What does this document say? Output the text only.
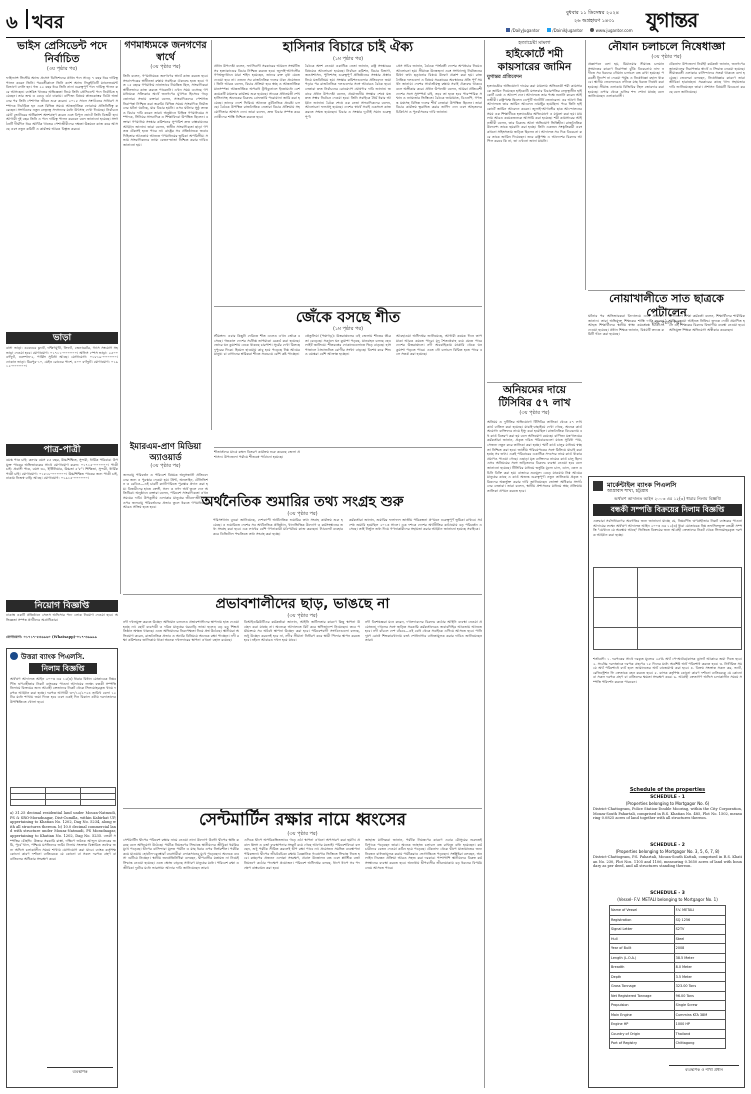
৬ খবর	বুধবার ১১ ডিসেম্বর ২০২৪
২৬ অগ্রহায়ণ ১৪৩১ যুগান্তর
/DailyJugantor	/DainikJugantor	www.jugantor.com
ভাইস প্রেসিডেন্ট পদে নির্বাচিত
(৩য় পৃষ্ঠার পর)
ফাইন্যান্স সিস্টেম অ্যান্ড প্রসেস ডিভিশনের প্রধান পদে সাড়ে ৭ বছর ধরে দায়িত্ব পালন করেন তিনি। পরবর্তীকালে তিনি ক্যাশ অ্যান্ড লিকুইডিটি ম্যানেজমেন্ট বিভাগে বদলি হন। গত ২২ বছর ধরে তিনি নানা গুরুত্বপূর্ণ পদে দায়িত্ব পালন করে আসছেন। ব্যাংকিং খাতের অভিজ্ঞতা নিয়ে তিনি প্রেসিডেন্ট পদে নির্বাচিত হয়েছেন। তার জন্ম ও বেড়ে ওঠা ঢাকায়। বাণিজ্য বিষয়ে স্নাতকোত্তর ডিগ্রি অর্জনের পর তিনি পেশাগত জীবন শুরু করেন। ২০১৫ সালে সংগঠনের সাধারণ সম্পাদক নির্বাচিত হন এবং বিভিন্ন সময়ে আন্তর্জাতিক ফোরামে প্রতিনিধিত্ব করেছেন। সংগঠনের নতুন নেতৃত্বে সদস্যদের মধ্যে উৎসাহ দেখা দিয়েছে। নির্বাচনে মোট ভোটারের অধিকাংশ অংশগ্রহণ করেন এবং বিপুল ভোটে তিনি বিজয়ী হন। আগামী দুই বছর তিনি এ পদে দায়িত্ব পালন করবেন বলে জানানো হয়েছে। সংগঠনটি দীর্ঘদিন ধরে আর্থিক খাতের পেশাজীবীদের দক্ষতা উন্নয়নে কাজ করে আসছে এবং নতুন কমিটি এ কার্যক্রম আরও বিস্তৃত করবে।
ভাড়া
বাসা ভাড়া: ৩বেডের ফ্ল্যাট, দক্ষিণমুখী, লিফট, জেনারেটর, গ্যাস সংযোগ সহ ভাড়া দেওয়া হবে। যোগাযোগ: ০১৭১১-০০০০০০। অফিস স্পেস ভাড়া: ২৫০০ বর্গফুট, গুলশান-২, পার্কিং সুবিধা আছে। যোগাযোগ: ০১৮১৯-০০০০০০। দোকান ভাড়া: মিরপুর-১০, মেইন রোডের পাশে, ৪০০ বর্গফুট। যোগাযোগ: ০১৯১২-০০০০০০।
পাত্র-পাত্রী
বয়স্ক পাত্র চাই: কন্যার বয়স ৫৫ বছর, উচ্চশিক্ষিত, সুন্দরী, ধার্মিক পরিবার। উপযুক্ত পাত্রের অভিভাবকের সাথে যোগাযোগ করুন: ০১৭১৫-০০০০০০। পাত্রী চাই: প্রবাসী পাত্র, বয়স ৩২, ইঞ্জিনিয়ার, উচ্চতা ৫'৮"। শিক্ষিতা, সুন্দরী, ধার্মিক পাত্রী চাই। যোগাযোগ: ০১৮১৮-০০০০০০। উচ্চশিক্ষিত পাত্রের জন্য পাত্রী চাই, ঢাকায় নিজস্ব বাড়ি আছে। যোগাযোগ: ০১৯১৫-০০০০০০।
গণমাধ্যমকে জনগণের স্বার্থে
(৩য় পৃষ্ঠার পর)
তিনি বলেন, গণমাধ্যমকে জনগণের স্বার্থে কাজ করতে হবে। সংবাদপত্রের স্বাধীনতা রক্ষায় সবাইকে ঐক্যবদ্ধ হতে হবে। গত ১৫ বছরে গণমাধ্যম নানাভাবে নিয়ন্ত্রিত ছিল, সাংবাদিকরা স্বাধীনভাবে কাজ করতে পারেননি। এখন সময় এসেছে গণমাধ্যমকে সত্যিকার অর্থে জনগণের মুখপত্র হিসেবে গড়ে তোলার। সভায় বক্তারা বলেন, সাংবাদিকদের পেশাগত নিরাপত্তা নিশ্চিত করা জরুরি। বিভিন্ন সময়ে সাংবাদিক নির্যাতনের ঘটনা ঘটেছে, যার বিচার হয়নি। এসব ঘটনার সুষ্ঠু তদন্ত ও বিচার দাবি করেন তারা। অনুষ্ঠানে বিভিন্ন গণমাধ্যমের সম্পাদক, সিনিয়র সাংবাদিক ও শিক্ষাবিদরা উপস্থিত ছিলেন। বক্তারা গণমাধ্যম সংস্কার কমিশনের সুপারিশ দ্রুত বাস্তবায়নের আহ্বান জানান। তারা বলেন, স্বাধীন সাংবাদিকতা ছাড়া গণতন্ত্র টেকসই হতে পারে না। রাষ্ট্রের সব প্রতিষ্ঠানকে জবাবদিহিতার আওতায় আনতে গণমাধ্যমের ভূমিকা অপরিসীম। সভায় সাংবাদিকদের ন্যায্য বেতন-ভাতা নিশ্চিত করার দাবিও জানানো হয়।
ইমারএম-প্রাণ মিডিয়া অ্যাওয়ার্ড
(৩য় পৃষ্ঠার পর)
জলবায়ু পরিবর্তন ও পরিবেশ বিষয়ক অনুসন্ধানী প্রতিবেদনের জন্য এ পুরস্কার দেওয়া হয়। প্রিন্ট, অনলাইন, টেলিভিশন ও রেডিও—এই চারটি ক্যাটাগরিতে পুরস্কার প্রদান করা হয়। বিজয়ীদের হাতে ক্রেস্ট, সনদ ও নগদ অর্থ তুলে দেন অতিথিরা। অনুষ্ঠানে বক্তারা বলেন, পরিবেশ সাংবাদিকতা এখন সময়ের দাবি। উপকূলীয় এলাকার মানুষের জীবন-জীবিকার ওপর জলবায়ু পরিবর্তনের প্রভাব তুলে ধরতে গণমাধ্যমকে আরও সক্রিয় হতে হবে।
হাসিনার বিচারে চাই ঐক্য
(১ম পৃষ্ঠার পর)
প্রধান উপদেষ্টা বলেন, ফ্যাসিবাদী সরকারের আমলে সংঘটিত সব হত্যাকাণ্ডের বিচার নিশ্চিত করতে হবে। জুলাই-আগস্টের গণঅভ্যুত্থানে যারা শহিদ হয়েছেন, তাদের রক্ত বৃথা যেতে দেওয়া হবে না। এজন্য সব রাজনৈতিক দলের ঐক্য প্রয়োজন। তিনি আরও বলেন, বিচার প্রক্রিয়া হবে স্বচ্ছ ও আন্তর্জাতিক মানসম্পন্ন। আন্তর্জাতিক অপরাধ ট্রাইব্যুনালে ইতোমধ্যে বেশ কয়েকটি মামলার কার্যক্রম শুরু হয়েছে। সাবেক প্রধানমন্ত্রী শেখ হাসিনাসহ অনেকের বিরুদ্ধে গ্রেফতারি পরোয়ানা জারি করা হয়েছে। তাদের দেশে ফিরিয়ে আনতে কূটনৈতিক প্রচেষ্টা চলছে। বৈঠকে উপস্থিত রাজনৈতিক নেতারা বিচার প্রক্রিয়ায় সহযোগিতার আশ্বাস দেন। তারা বলেন, দ্রুত বিচার সম্পন্ন করে দোষীদের শাস্তি নিশ্চিত করতে হবে।
বৈঠকে অংশ নেওয়া একাধিক নেতা জানান, রাষ্ট্র সংস্কারের বিষয়েও আলোচনা হয়েছে। নির্বাচন কমিশন, বিচার বিভাগ, জনপ্রশাসন, পুলিশসহ গুরুত্বপূর্ণ প্রতিষ্ঠানের সংস্কার প্রস্তাব নিয়ে মতবিনিময় হয়। সংস্কার কমিশনগুলোর প্রতিবেদন জমা পড়ার পর রাজনৈতিক দলগুলোর সঙ্গে আবারও বৈঠক হবে। নেতারা দ্রুত নির্বাচনের রোডম্যাপ ঘোষণার দাবি জানান। জবাবে প্রধান উপদেষ্টা বলেন, প্রয়োজনীয় সংস্কার শেষে যত দ্রুত সম্ভব নির্বাচন দেওয়া হবে। তিনি সবাইকে ধৈর্য ধরার আহ্বান জানান। বৈঠক শেষে এক নেতা সাংবাদিকদের বলেন, আলোচনা ফলপ্রসূ হয়েছে। দেশের স্বার্থে সবাই একসঙ্গে কাজ করতে সম্মত হয়েছেন। বিচার ও সংস্কার দুটোই সমান গুরুত্বপূর্ণ।
প্রেস সচিব জানান, বৈঠকে পার্শ্ববর্তী দেশের অপপ্রচার নিয়েও আলোচনা হয়। সীমান্তে উত্তেজনা এবং সংখ্যালঘু নির্যাতনের মিথ্যা তথ্য ছড়ানোর বিষয়ে উদ্বেগ প্রকাশ করা হয়। রাজনৈতিক দলগুলো এ বিষয়ে সরকারের অবস্থানের প্রতি পূর্ণ সমর্থন জানায়। দেশের সার্বভৌমত্ব রক্ষায় সবাই ঐক্যবদ্ধ থাকবে বলে অঙ্গীকার করে। প্রধান উপদেষ্টা বলেন, আমরা প্রতিবেশী দেশের সঙ্গে সুসম্পর্ক চাই, তবে তা হতে হবে পারস্পরিক সম্মান ও ন্যায্যতার ভিত্তিতে। বৈঠকে জামায়াত, বিএনপি, গণতন্ত্র মঞ্চসহ বিভিন্ন দলের শীর্ষ নেতারা উপস্থিত ছিলেন। তারা বিচার কার্যক্রম ত্বরান্বিত করার তাগিদ দেন এবং আহতদের চিকিৎসা ও পুনর্বাসনের দাবি জানান।
জেঁকে বসছে শীত
(১ম পৃষ্ঠার পর)
শ্রীমঙ্গল: এবার কিছুটা দেরিতে শীত এলেও এখন জেঁকে বসেছে। গতকাল দেশের সর্বনিম্ন তাপমাত্রা রেকর্ড করা হয়েছে। ভোরে ঘন কুয়াশায় ঢেকে থাকছে চারপাশ। সূর্যের দেখা মিলছে দুপুরের দিকে। হিমেল হাওয়ায় কাবু হয়ে পড়েছে নিম্ন আয়ের মানুষ। চা বাগানের শ্রমিকরা শীতে সবচেয়ে বেশি কষ্ট পাচ্ছেন।
তেঁতুলিয়া (পঞ্চগড়): উত্তরাঞ্চলের এই জেলায় শীতের তীব্রতা বেড়েছে। সকালে ঘন কুয়াশা পড়ছে, যানবাহন চলছে হেডলাইট জ্বালিয়ে। শীতবস্ত্রের দোকানগুলোতে ভিড় বাড়ছে। হাসপাতালে ঠান্ডাজনিত রোগীর সংখ্যা বাড়ছে। বিশেষ করে শিশু ও বয়স্করা বেশি আক্রান্ত হচ্ছেন।
আবহাওয়া অধিদপ্তর জানিয়েছে, আগামী কয়েক দিনে তাপমাত্রা আরও কমতে পারে। মৃদু শৈত্যপ্রবাহ বয়ে যেতে পারে দেশের উত্তরাঞ্চলে। নদী অববাহিকায় মাঝারি থেকে ঘন কুয়াশা পড়তে পারে। এতে নৌ চলাচল বিঘ্নিত হতে পারে বলে সতর্ক করা হয়েছে।
অর্থনৈতিক শুমারির তথ্য সংগ্রহ শুরু
(৩য় পৃষ্ঠার পর)
পরিসংখ্যান ব্যুরো জানিয়েছে, দেশব্যাপী অর্থনৈতিক শুমারির তথ্য সংগ্রহ কার্যক্রম শুরু হয়েছে। এ শুমারিতে দেশের সব অর্থনৈতিক প্রতিষ্ঠান, খানাভিত্তিক উদ্যোগ ও কর্মসংস্থানের তথ্য সংগ্রহ করা হবে। এক লাখের বেশি গণনাকারী মাঠপর্যায়ে কাজ করছেন। ট্যাবলেট ব্যবহার করে ডিজিটাল পদ্ধতিতে তথ্য সংগ্রহ করা হচ্ছে।
কর্মকর্তারা জানান, শুমারির ফলাফল জাতীয় পরিকল্পনা প্রণয়নে গুরুত্বপূর্ণ ভূমিকা রাখবে। সর্বশেষ শুমারি হয়েছিল ২০১৩ সালে। এক দশকে দেশের অর্থনীতির কাঠামোয় বড় পরিবর্তন এসেছে। তাই নির্ভুল তথ্য দিয়ে গণনাকারীদের সহায়তা করার আহ্বান জানানো হয়েছে সবাইকে।
শীতার্তদের মাঝে কম্বল বিতরণ কার্যক্রম শুরু করেছে জেলা প্রশাসন। উপজেলা পর্যায়ে শীতবস্ত্র পাঠানো হয়েছে।
প্রভাবশালীদের ছাড়, ভাঙছে না
(৩য় পৃষ্ঠার পর)
নদী দখলমুক্ত করতে উচ্ছেদ অভিযান চললেও প্রভাবশালীদের স্থাপনায় হাত দেওয়া হচ্ছে না। ছোট ব্যবসায়ী ও দরিদ্র মানুষের ঘরবাড়ি ভাঙা হলেও বড় বড় শিল্পপ্রতিষ্ঠান অক্ষত থাকছে। এতে অভিযানের নিরপেক্ষতা নিয়ে প্রশ্ন উঠেছে। স্থানীয়রা অভিযোগ করেন, রাজনৈতিক প্রভাব ও অর্থের বিনিময়ে অনেকে রক্ষা পাচ্ছেন। নদী রক্ষা কমিশনের তালিকায় থাকা অনেক দখলদারের স্থাপনা এখনো বহাল রয়েছে।
বিআইডব্লিউটিএর কর্মকর্তারা জানান, আইনি জটিলতার কারণে কিছু স্থাপনা উচ্ছেদ করা যাচ্ছে না। অনেকে আদালতে রিট করে স্থগিতাদেশ নিয়েছেন। তবে পর্যায়ক্রমে সব অবৈধ স্থাপনা উচ্ছেদ করা হবে। পরিবেশবাদী সংগঠনগুলো বলছে, শুধু উচ্ছেদ করলেই হবে না, নদীর সীমানা নির্ধারণ করে স্থায়ী পিলার স্থাপন করতে হবে। নইলে আবারও দখল হয়ে যাবে।
নদী বিশেষজ্ঞরা মনে করেন, দখলদারদের বিরুদ্ধে কঠোর আইনি ব্যবস্থা নেওয়া প্রয়োজন। দখলের সঙ্গে জড়িত সরকারি কর্মকর্তাদেরও জবাবদিহির আওতায় আনতে হবে। নদী বাঁচলে দেশ বাঁচবে—এই বোধ থেকে সবাইকে এগিয়ে আসতে হবে। পানি দূষণ রোধে শিল্পকারখানায় বর্জ্য শোধনাগার বাধ্যতামূলক করার দাবিও জানিয়েছেন তারা।
নিয়োগ বিজ্ঞপ্তি
ঢাকাস্থ একটি প্রতিষ্ঠানে সেলস অফিসার পদে লোক নিয়োগ দেওয়া হবে। অভিজ্ঞতা সম্পন্ন প্রার্থীদের অগ্রাধিকার।
যোগাযোগ: ০১৭১৭-৫৪৬৯৬০ (Whatsapp)-০১৭-৩৯৯৯৯
উত্তরা ব্যাংক পিএলসি.
নিলাম বিজ্ঞপ্তি
অর্থঋণ আদালত আইন ২০০৩ এর ১২(৩) ধারার বিধান মোতাবেক নিম্নবর্ণিত ঋণগ্রহীতার নিকট ব্যাংকের পাওনা আদায়ের লক্ষ্যে বন্ধকী সম্পত্তি নিলামে বিক্রয়ের জন্য আগ্রহী ক্রেতাদের নিকট থেকে সিলমোহরকৃত খামে দরপত্র আহ্বান করা হচ্ছে। দরপত্র আগামী ৩০/১২/২০২৪ তারিখ বেলা ১২টার মধ্যে শাখায় জমা দিতে হবে এবং একই দিন বিকাল ৩টায় দরদাতাদের উপস্থিতিতে খোলা হবে।

a) 31.25 decimal residential land under Mouza-Natmudi, PS & SRO-Moradnagar, Dist-Cumilla, within Kabirhat UP, appertaining to Khatian No. 1202, Dag No. 5234, along with all structures thereon. b) 10.0 decimal commercial land with structure under Mouza-Natmudi, PS Moradnagar, appertaining to Khatian No. 1202, Dag No. 5235. বন্ধকী সম্পত্তির চৌহদ্দি: উত্তরে সরকারি রাস্তা, দক্ষিণে জনৈক আব্দুল মালেকের জমি, পূর্বে খাল, পশ্চিমে মসজিদের জমি। নিলাম সংক্রান্ত বিস্তারিত তথ্যের জন্য অফিস চলাকালীন সময়ে শাখায় যোগাযোগ করা যাবে। ব্যাংক কর্তৃপক্ষ কোনো কারণ দর্শানো ব্যতিরেকে যে কোনো বা সকল দরপত্র গ্রহণ বা বাতিলের অধিকার সংরক্ষণ করে।
ব্যবস্থাপক
সেন্টমার্টিন রক্ষার নামে ধ্বংসের
(৩য় পৃষ্ঠার পর)
সেন্টমার্টিন দ্বীপের পরিবেশ রক্ষার নামে নেওয়া নানা উদ্যোগ উল্টো দ্বীপের ক্ষতি করছে বলে অভিযোগ উঠেছে। পর্যটক নিয়ন্ত্রণের সিদ্ধান্তে স্থানীয়দের জীবিকা হুমকির মুখে পড়েছে। দ্বীপের বাসিন্দারা মূলত পর্যটন ও মাছ ধরার ওপর নির্ভরশীল। পর্যটক কমে যাওয়ায় হোটেল-রেস্তোরাঁ ব্যবসায়ীরা লোকসানের মুখে পড়েছেন। অনেকে ব্যবসা গুটিয়ে নিচ্ছেন। স্থানীয় জনপ্রতিনিধিরা বলছেন, দ্বীপবাসীর মতামত না নিয়েই সিদ্ধান্ত নেওয়া হয়েছে। এতে ক্ষোভ বাড়ছে সাধারণ মানুষের মধ্যে। পরিবেশ রক্ষা ও জীবিকা দুটোর মধ্যে ভারসাম্য আনার দাবি জানিয়েছেন তারা।
এদিকে দ্বীপে অপরিকল্পিতভাবে গড়ে ওঠা স্থাপনা এখনো অপসারণ করা হয়নি। প্রবাল ধ্বংস ও বর্জ্য ব্যবস্থাপনার সংকট রয়ে গেছে আগের মতোই। পরিবেশবিদরা বলছেন, শুধু পর্যটক সীমিত করলেই দ্বীপ রক্ষা পাবে না। প্রয়োজন সমন্বিত ব্যবস্থাপনা পরিকল্পনা। দ্বীপের জীববৈচিত্র্য রক্ষায় বৈজ্ঞানিক গবেষণার ভিত্তিতে সিদ্ধান্ত নিতে হবে। কচ্ছপের প্রজনন এলাকা সংরক্ষণ, প্রবাল উত্তোলন বন্ধ এবং প্লাস্টিক বর্জ্য নিয়ন্ত্রণে কঠোর পদক্ষেপ প্রয়োজন। পরিবেশ অধিদপ্তর বলছে, ধাপে ধাপে সব পদক্ষেপ বাস্তবায়ন করা হবে।
জাহাজ মালিকরা জানান, পর্যটক নিয়ন্ত্রণের কারণে এবার মৌসুমের শুরুতেই বিপাকে পড়েছেন তারা। অনেক জাহাজ চলাচল বন্ধ রাখতে বাধ্য হয়েছেন। কর্মচারীদের বেতন দেওয়া কঠিন হয়ে পড়েছে। টেকনাফ থেকে দ্বীপে যাতায়াতের জন্য নিবন্ধন বাধ্যতামূলক করায় পর্যটকরাও ভোগান্তিতে পড়ছেন। সংশ্লিষ্টরা বলছেন, অনলাইন নিবন্ধন প্রক্রিয়া আরও সহজ করা দরকার। পাশাপাশি স্থানীয়দের বিকল্প কর্মসংস্থানের ব্যবস্থা করতে হবে। অন্যথায় দ্বীপবাসীর জীবনযাত্রায় বড় ধরনের বিপর্যয় নেমে আসতে পারে।
হত্যাচেষ্টা মামলা
হাইকোর্টে শমী কায়সারের জামিন
যুগান্তর প্রতিবেদন
হত্যাচেষ্টার অভিযোগে দায়ের করা মামলায় অভিনেত্রী শমী কায়সারকে জামিন দিয়েছেন হাইকোর্ট। মঙ্গলবার বিচারপতির নেতৃত্বাধীন হাইকোর্ট বেঞ্চ এ আদেশ দেন। আদালতে তার পক্ষে শুনানি করেন আইনজীবী। রাষ্ট্রপক্ষে ছিলেন ডেপুটি অ্যাটর্নি জেনারেল। এর আগে নিম্ন আদালতে তার জামিন আবেদন নামঞ্জুর হয়েছিল। পরে তিনি হাইকোর্টে জামিন আবেদন করেন। জুলাই-আগস্টের ছাত্র আন্দোলনের সময় এক শিক্ষার্থীকে হত্যাচেষ্টার অভিযোগে এ মামলা করা হয়। মামলায় আরও কয়েকজনকে আসামি করা হয়েছে। শমী কায়সারের আইনজীবী বলেন, তার বিরুদ্ধে আনা অভিযোগ ভিত্তিহীন। রাজনৈতিক উদ্দেশ্যে তাকে হয়রানি করা হচ্ছে। তিনি একজন সংস্কৃতিকর্মী এবং কখনো সহিংসতায় জড়িত ছিলেন না। আদালত সব দিক বিবেচনা করে তাকে জামিন দিয়েছেন। তবে রাষ্ট্রপক্ষ এ আদেশের বিরুদ্ধে আপিল করবে কি না, তা এখনো জানা যায়নি।
অনিয়মের দায়ে টিসিবির ৫৭ লাখ
(৩য় পৃষ্ঠার পর)
অনিয়ম ও দুর্নীতির অভিযোগে টিসিবির তালিকা থেকে ৫৭ লাখ কার্ড বাতিল করা হয়েছে। যাচাই-বাছাইয়ে দেখা গেছে, অনেক কার্ড অযোগ্য ব্যক্তিদের নামে ইস্যু করা হয়েছিল। রাজনৈতিক বিবেচনায় বহু কার্ড বিতরণ করা হয় বলে অভিযোগ রয়েছে। বাণিজ্য মন্ত্রণালয়ের কর্মকর্তারা জানান, প্রকৃত দরিদ্র পরিবারগুলো যাতে সুবিধা পায়, সেজন্য নতুন করে তালিকা করা হচ্ছে। স্মার্ট কার্ড চালুর মাধ্যমে স্বচ্ছতা নিশ্চিত করা হবে। জাতীয় পরিচয়পত্রের সঙ্গে মিলিয়ে যাচাই করা হচ্ছে সব তথ্য। একই পরিবারের একাধিক সদস্যের নামে কার্ড থাকার প্রমাণও পাওয়া গেছে। এছাড়া মৃত ব্যক্তিদের নামেও কার্ড চালু ছিল। এসব অনিয়মের সঙ্গে জড়িতদের বিরুদ্ধে ব্যবস্থা নেওয়া হবে বলে জানানো হয়েছে। টিসিবির মাধ্যমে ভর্তুকি মূল্যে চাল, ডাল, তেল ও চিনি বিক্রি করা হয়। বাজারে দ্রব্যমূল্য বেড়ে যাওয়ায় নিম্ন আয়ের মানুষের কাছে এ কার্ড অত্যন্ত গুরুত্বপূর্ণ। নতুন তালিকায় প্রকৃত দরিদ্রদের অন্তর্ভুক্ত করার দাবি জানিয়েছেন ভোক্তা অধিকার সংগঠনের নেতারা। তারা বলেন, স্থানীয় প্রশাসনের মাধ্যমে স্বচ্ছ প্রক্রিয়ায় তালিকা প্রণয়ন করতে হবে।
নৌযান চলাচলে নিষেধাজ্ঞা
(৩য় পৃষ্ঠার পর)
প্রজ্ঞাপনে বলা হয়, মিয়ানমার সীমান্তে চলমান সংঘাতের কারণে নিরাপত্তা ঝুঁকি বিবেচনায় নাফ নদীতে সব ধরনের নৌযান চলাচল বন্ধ রাখা হয়েছে। পরবর্তী নির্দেশ না দেওয়া পর্যন্ত এ নিষেধাজ্ঞা বহাল থাকবে। স্থানীয় জেলেদেরও নদীতে মাছ ধরতে নিষেধ করা হয়েছে। সীমান্ত এলাকায় বিজিবির টহল জোরদার করা হয়েছে। ওপার থেকে গুলির শব্দ শোনা যাচ্ছে বলে জানিয়েছেন এলাকাবাসী।
টেকনাফ উপজেলা নির্বাহী কর্মকর্তা জানান, জনগণের জানমালের নিরাপত্তার স্বার্থে এ সিদ্ধান্ত নেওয়া হয়েছে। সীমান্তবর্তী এলাকার বাসিন্দাদের সতর্ক থাকতে বলা হয়েছে। জেলেরা বলছেন, নিষেধাজ্ঞার কারণে তারা জীবিকা হারাচ্ছেন। সরকারের কাছে খাদ্য সহায়তার দাবি জানিয়েছেন তারা। প্রশাসন বিষয়টি বিবেচনা করছে বলে জানিয়েছে।
নোয়াখালীতে সাত ছাত্রকে পেটালেন
(৩য় পৃষ্ঠার পর)
ঘটনার পর অভিভাবকরা বিদ্যালয়ে এসে প্রতিবাদ জানান। তারা অভিযুক্ত শিক্ষকের শাস্তি দাবি করেন। আহত শিক্ষার্থীদের স্থানীয় স্বাস্থ্য কমপ্লেক্সে চিকিৎসা দেওয়া হয়েছে। প্রধান শিক্ষক জানান, বিষয়টি তদন্তে কমিটি গঠন করা হয়েছে।
উপজেলা শিক্ষা কর্মকর্তা বলেন, শিক্ষার্থীদের শারীরিক শাস্তি দেওয়া আইনত নিষিদ্ধ। তদন্তে দোষী প্রমাণিত হলে ওই শিক্ষকের বিরুদ্ধে বিভাগীয় ব্যবস্থা নেওয়া হবে। অভিযুক্ত শিক্ষক অভিযোগ অস্বীকার করেছেন।
মার্কেন্টাইল ব্যাংক পিএলসি
আগ্রাবাদ শাখা, চট্টগ্রাম
অর্থঋণ আদালত আইন ২০০৩ এর ১২(৩) ধারার নিলাম বিজ্ঞপ্তি
বন্ধকী সম্পত্তি বিক্রয়ের নিলাম বিজ্ঞপ্তি
এতদ্বারা সর্বসাধারণের অবগতির জন্য জানানো যাচ্ছে যে, নিম্নবর্ণিত ঋণগ্রহীতার নিকট ব্যাংকের পাওনা আদায়ের লক্ষ্যে অর্থঋণ আদালত আইন ২০০৩ এর ১২(৩) ধারা মোতাবেক নিম্ন তফসিলভুক্ত বন্ধকী সম্পত্তি "যেখানে যে অবস্থায় আছে" ভিত্তিতে বিক্রয়ের জন্য আগ্রহী ক্রেতাদের নিকট থেকে সিলমোহরকৃত দরপত্র আহ্বান করা হচ্ছে।

শর্তাবলী: ১. দরপত্রের সাথে দরকৃত মূল্যের ২৫% অর্থ পে-অর্ডার/ব্যাংক ড্রাফট আকারে জমা দিতে হবে। ২. সর্বোচ্চ দরদাতাকে দরপত্র গ্রহণের ১৫ দিনের মধ্যে অবশিষ্ট অর্থ পরিশোধ করতে হবে। ৩. নির্ধারিত সময়ে অর্থ পরিশোধে ব্যর্থ হলে জামানতের অর্থ বাজেয়াপ্ত করা হবে। ৪. বিক্রয় সংক্রান্ত সকল কর, ভ্যাট, রেজিস্ট্রেশন ফি ক্রেতাকে বহন করতে হবে। ৫. ব্যাংক কর্তৃপক্ষ কোনো কারণ দর্শানো ব্যতিরেকে যে কোনো বা সকল দরপত্র গ্রহণ বা বাতিলের ক্ষমতা সংরক্ষণ করে। ৬. আগ্রহী ক্রেতাগণ অফিস চলাকালীন সময়ে সম্পত্তি পরিদর্শন করতে পারবেন।
Schedule of the properties
SCHEDULE - 1
(Properties belonging to Mortgagor No. 6)
District-Chattogram, Police Station-Double Mooring, within the City Corporation, Mouza-South Pahartali, comprised in B.S. Khatian No. 485, Plot No. 1502, measuring 0.0825 acres of land together with all structures thereon.
SCHEDULE - 2
(Properties belonging to Mortgagor No. 3, 5, 6, 7, 8)
District-Chattogram, P.S. Pahartali, Mouza-South Kattali, comprised in R.S. Khatian No. 230, Plot Nos. 1105 and 1106, measuring 0.1650 acres of land with boundary as per deed, and all structures standing thereon.
SCHEDULE - 3
(Vessel- F.V. METALI belonging to Mortgagor No. 1)
Name of Vessel	F.V. METALI
Registration	SQ 1256
Signal Letter	S2TV
Hull	Steel
Year of Built	2008
Length (L.O.A.)	38.5 Meter
Breadth	8.0 Meter
Depth	3.5 Meter
Gross Tonnage	323.00 Tons
Net Registered Tonnage	96.00 Tons
Propulsion	Single Screw
Main Engine	Cummins KTA 38M
Engine HP	1000 HP
Country of Origin	Thailand
Port of Registry	Chittagong
ব্যবস্থাপক ও শাখা প্রধান
